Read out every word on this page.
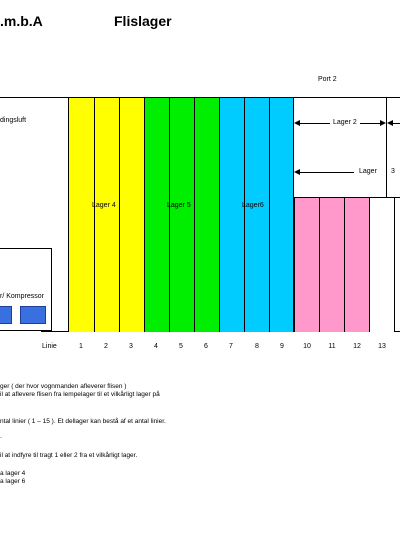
.m.b.A	Flislager
Port 2
dingsluft
r/ Kompressor
Lager 2
Lager 3
Lager 4	Lager 5	Lager6
Linie	1	2	3	4	5	6	7	8	9	10	11	12	13
ger ( der hvor vognmanden afleverer flisen )
il at aflevere flisen fra lempelager til et vilkårligt lager på
ntal linier ( 1 – 15 ). Et dellager kan bestå af et antal linier.
.
il at indfyre til tragt 1 eller 2 fra et vilkårligt lager.
a lager 4
a lager 6
